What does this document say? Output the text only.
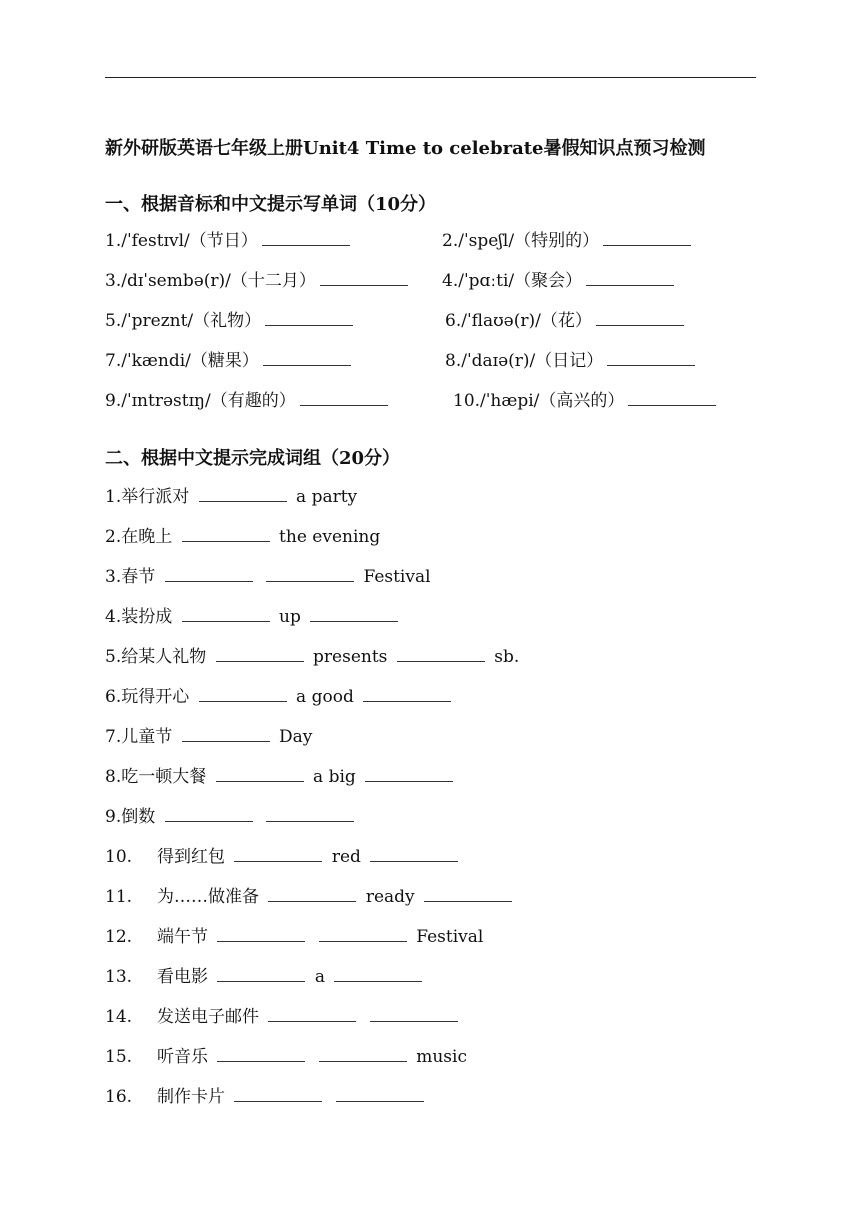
新外研版英语七年级上册Unit4 Time to celebrate暑假知识点预习检测
一、根据音标和中文提示写单词（10分）
1./ˈfestɪvl/（节日）	2./ˈspeʃl/（特别的）
3./dɪˈsembə(r)/（十二月）	4./ˈpɑːti/（聚会）
5./ˈpreznt/（礼物）	6./ˈflaʊə(r)/（花）
7./ˈkændi/（糖果）	8./ˈdaɪə(r)/（日记）
9./ˈɪntrəstɪŋ/（有趣的）	10./ˈhæpi/（高兴的）
二、根据中文提示完成词组（20分）
1.举行派对	a party
2.在晚上	the evening
3.春节	Festival
4.装扮成	up
5.给某人礼物	presents	sb.
6.玩得开心	a good
7.儿童节	Day
8.吃一顿大餐	a big
9.倒数
10. 得到红包	red
11. 为……做准备	ready
12. 端午节	Festival
13. 看电影	a
14. 发送电子邮件
15. 听音乐	music
16. 制作卡片
